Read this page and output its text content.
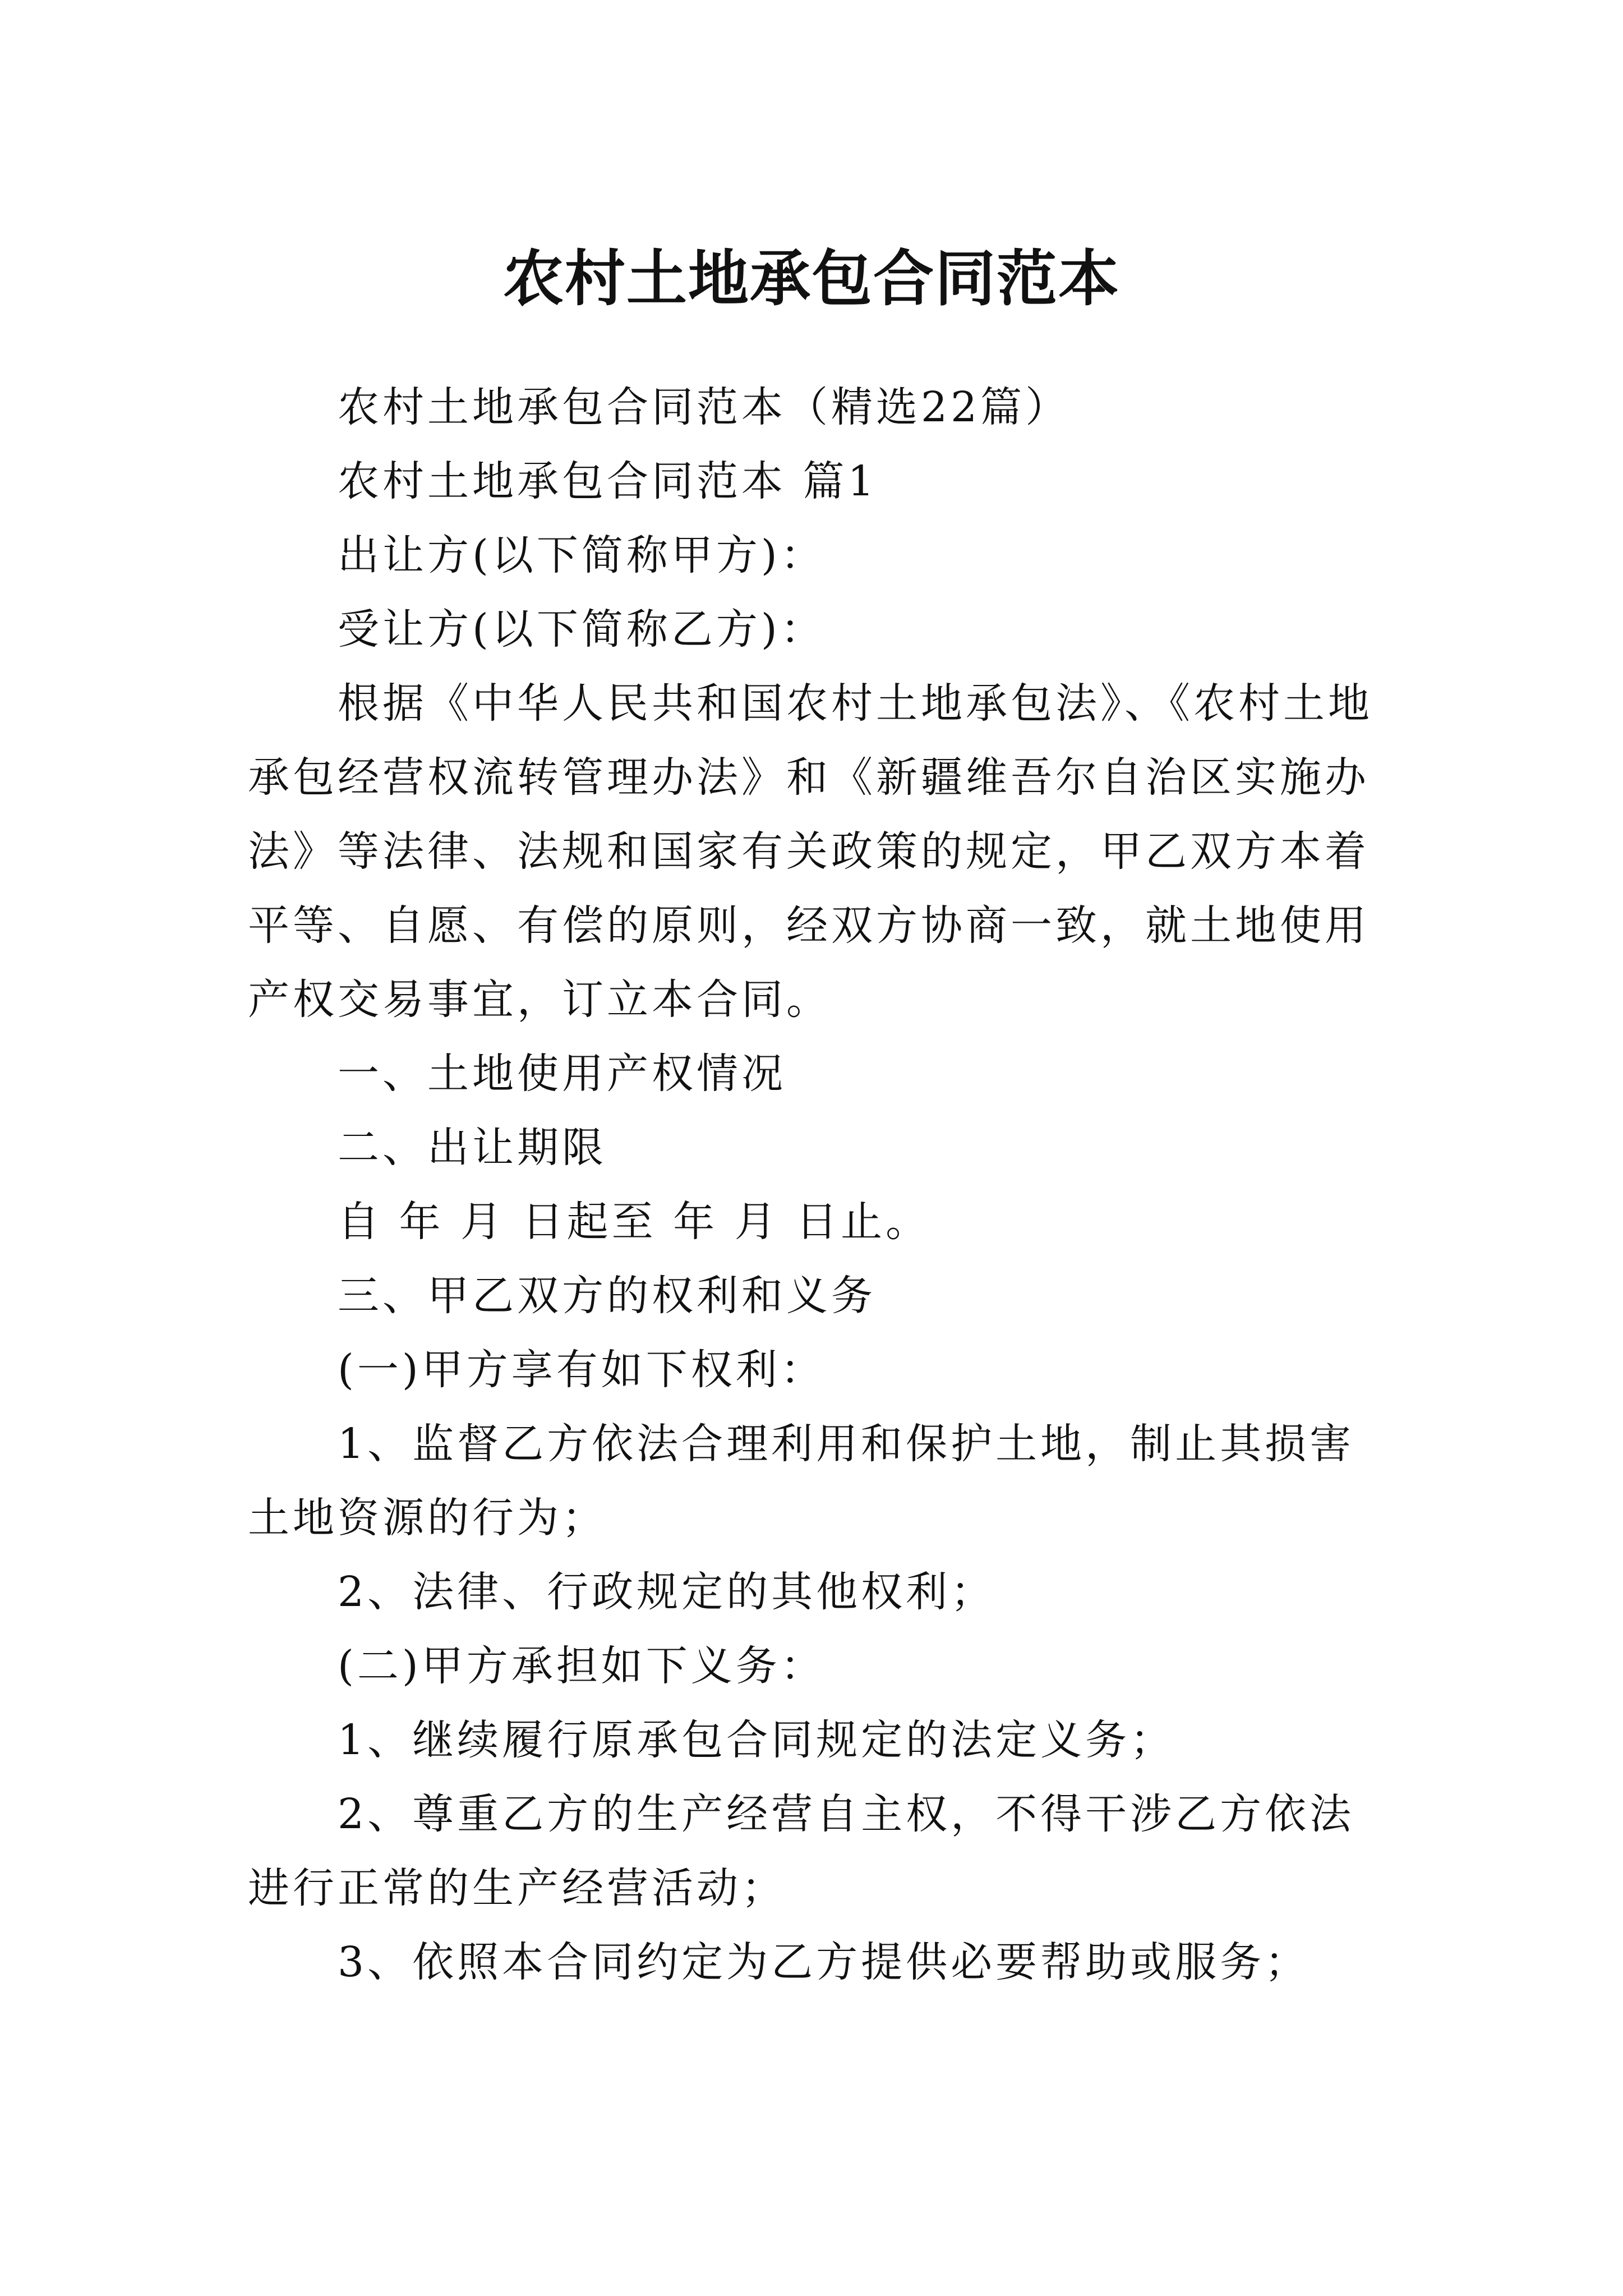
农村土地承包合同范本

农村土地承包合同范本（精选22篇）

农村土地承包合同范本 篇1

出让方(以下简称甲方)：

受让方(以下简称乙方)：

根据《中华人民共和国农村土地承包法》、《农村土地承包经营权流转管理办法》和《新疆维吾尔自治区实施办法》等法律、法规和国家有关政策的规定，甲乙双方本着平等、自愿、有偿的原则，经双方协商一致，就土地使用产权交易事宜，订立本合同。

一、土地使用产权情况

二、出让期限

自 年 月 日起至 年 月 日止。

三、甲乙双方的权利和义务

(一)甲方享有如下权利：

1、监督乙方依法合理利用和保护土地，制止其损害土地资源的行为；

2、法律、行政规定的其他权利；

(二)甲方承担如下义务：

1、继续履行原承包合同规定的法定义务；

2、尊重乙方的生产经营自主权，不得干涉乙方依法进行正常的生产经营活动；

3、依照本合同约定为乙方提供必要帮助或服务；
